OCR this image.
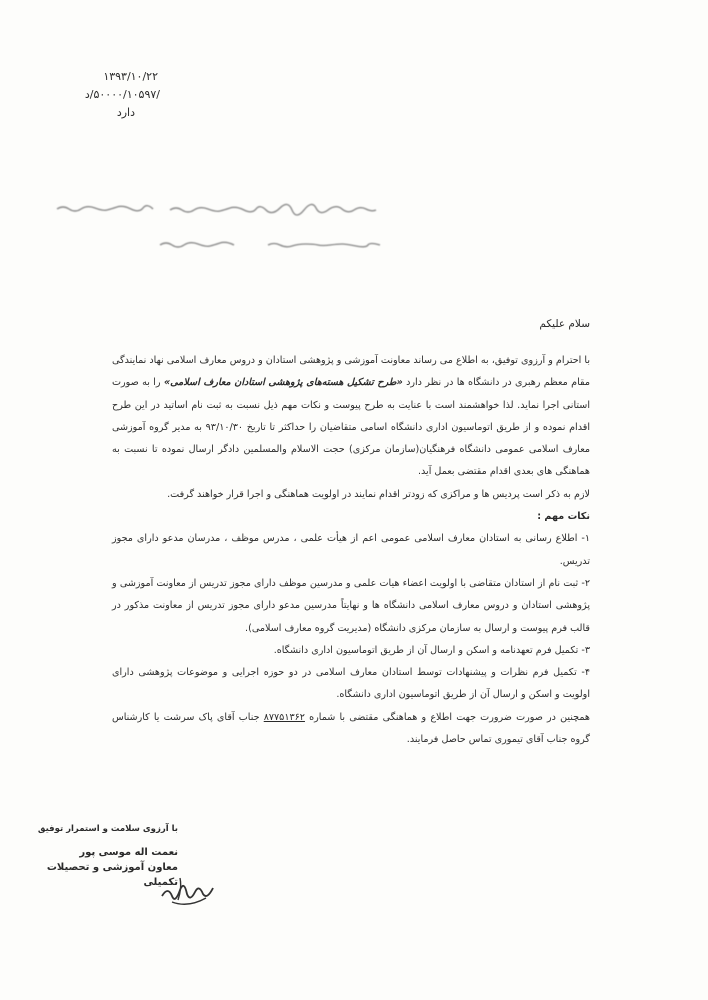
۱۳۹۳/۱۰/۲۲
/۵۰۰۰۰/۱۰۵۹۷/د
دارد

سلام علیکم

با احترام و آرزوی توفیق، به اطلاع می رساند معاونت آموزشی و پژوهشی استادان و دروس معارف اسلامی نهاد نمایندگی مقام معظم رهبری در دانشگاه ها در نظر دارد «طرح تشکیل هسته‌های پژوهشی استادان معارف اسلامی» را به صورت استانی اجرا نماید. لذا خواهشمند است با عنایت به طرح پیوست و نکات مهم ذیل نسبت به ثبت نام اساتید در این طرح اقدام نموده و از طریق اتوماسیون اداری دانشگاه اسامی متقاضیان را حداکثر تا تاریخ ۹۳/۱۰/۳۰ به مدیر گروه آموزشی معارف اسلامی عمومی دانشگاه فرهنگیان(سازمان مرکزی) حجت الاسلام والمسلمین دادگر ارسال نموده تا نسبت به هماهنگی های بعدی اقدام مقتضی بعمل آید.

لازم به ذکر است پردیس ها و مراکزی که زودتر اقدام نمایند در اولویت هماهنگی و اجرا قرار خواهند گرفت.

نکات مهم :

۱- اطلاع رسانی به استادان معارف اسلامی عمومی اعم از هیأت علمی ، مدرس موظف ، مدرسان مدعو دارای مجوز تدریس.

۲- ثبت نام از استادان متقاضی با اولویت اعضاء هیات علمی و مدرسین موظف دارای مجوز تدریس از معاونت آموزشی و پژوهشی استادان و دروس معارف اسلامی دانشگاه ها و نهایتاً مدرسین مدعو دارای مجوز تدریس از معاونت مذکور در قالب فرم پیوست و ارسال به سازمان مرکزی دانشگاه (مدیریت گروه معارف اسلامی).

۳- تکمیل فرم تعهدنامه و اسکن و ارسال آن از طریق اتوماسیون اداری دانشگاه.

۴- تکمیل فرم نظرات و پیشنهادات توسط استادان معارف اسلامی در دو حوزه اجرایی و موضوعات پژوهشی دارای اولویت و اسکن و ارسال آن از طریق اتوماسیون اداری دانشگاه.

همچنین در صورت ضرورت جهت اطلاع و هماهنگی مقتضی با شماره ۸۷۷۵۱۳۶۲ جناب آقای پاک سرشت یا کارشناس گروه جناب آقای تیموری تماس حاصل فرمایند.

با آرزوی سلامت و استمرار توفیق
نعمت اله موسی پور
معاون آموزشی و تحصیلات تکمیلی
